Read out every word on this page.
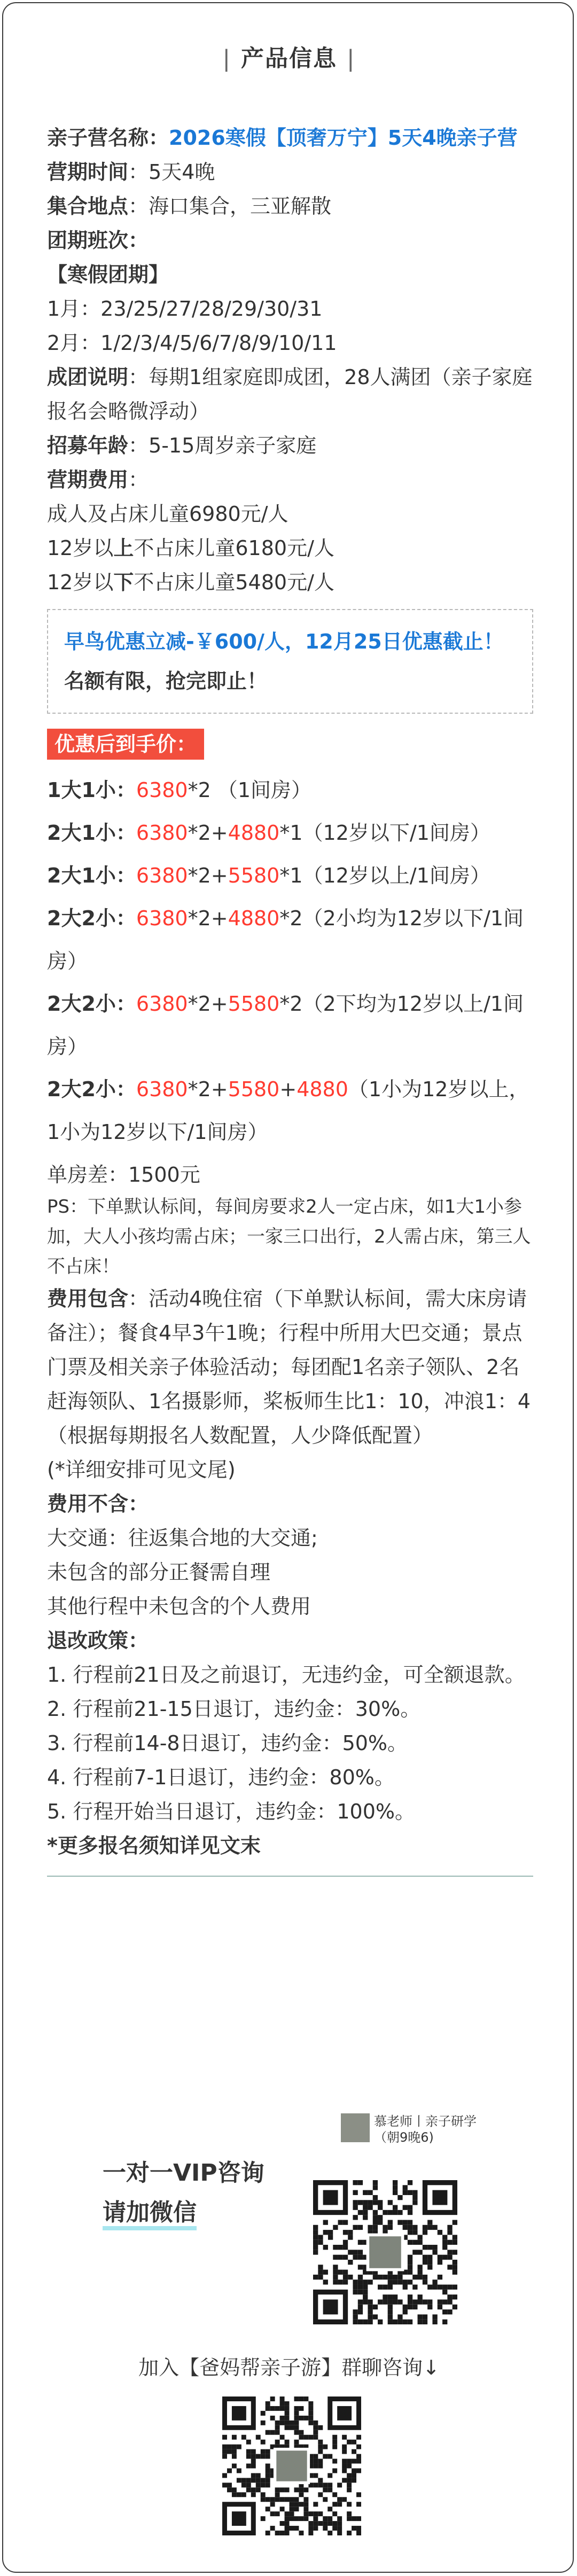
| 产品信息 |

亲子营名称：2026寒假【顶奢万宁】5天4晚亲子营

营期时间：5天4晚

集合地点：海口集合，三亚解散

团期班次：

【寒假团期】

1月：23/25/27/28/29/30/31

2月：1/2/3/4/5/6/7/8/9/10/11

成团说明：每期1组家庭即成团，28人满团（亲子家庭报名会略微浮动）

招募年龄：5-15周岁亲子家庭

营期费用：

成人及占床儿童6980元/人

12岁以上不占床儿童6180元/人

12岁以下不占床儿童5480元/人

早鸟优惠立减-￥600/人，12月25日优惠截止！

名额有限，抢完即止！

优惠后到手价：

1大1小：6380*2 （1间房）

2大1小：6380*2+4880*1（12岁以下/1间房）

2大1小：6380*2+5580*1（12岁以上/1间房）

2大2小：6380*2+4880*2（2小均为12岁以下/1间房）

2大2小：6380*2+5580*2（2下均为12岁以上/1间房）

2大2小：6380*2+5580+4880（1小为12岁以上，1小为12岁以下/1间房）

单房差：1500元

PS：下单默认标间，每间房要求2人一定占床，如1大1小参加，大人小孩均需占床；一家三口出行，2人需占床，第三人不占床！

费用包含：活动4晚住宿（下单默认标间，需大床房请备注）；餐食4早3午1晚；行程中所用大巴交通；景点门票及相关亲子体验活动；每团配1名亲子领队、2名赶海领队、1名摄影师，桨板师生比1：10，冲浪1：4（根据每期报名人数配置，人少降低配置）

(*详细安排可见文尾)

费用不含：

大交通：往返集合地的大交通;

未包含的部分正餐需自理

其他行程中未包含的个人费用

退改政策：

1. 行程前21日及之前退订，无违约金，可全额退款。

2. 行程前21-15日退订，违约金：30%。

3. 行程前14-8日退订，违约金：50%。

4. 行程前7-1日退订，违约金：80%。

5. 行程开始当日退订，违约金：100%。

*更多报名须知详见文末

慕老师丨亲子研学（朝9晚6)
一对一VIP咨询
请加微信
加入【爸妈帮亲子游】群聊咨询↓
